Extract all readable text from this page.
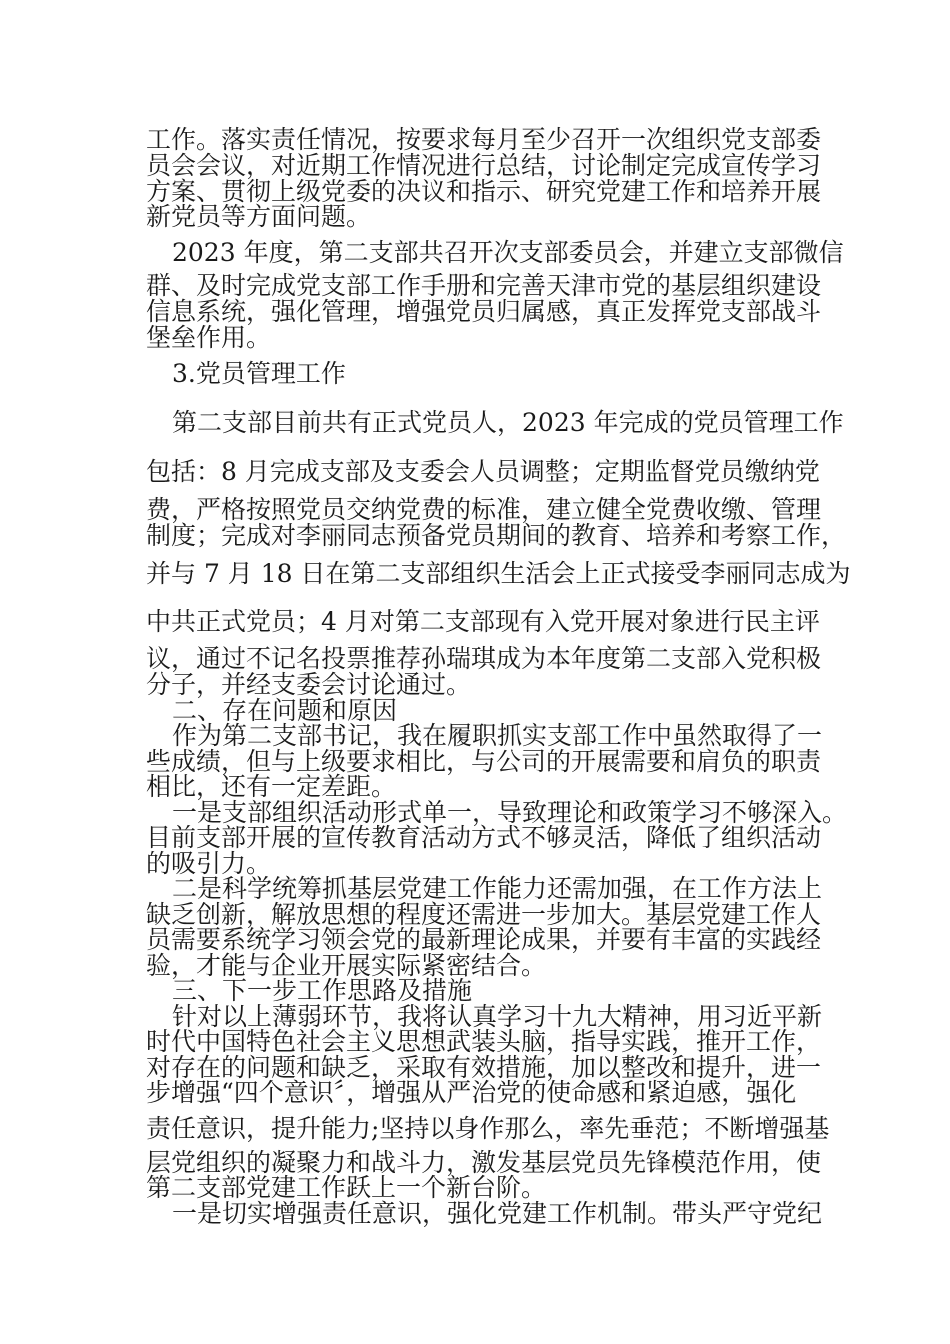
工作。落实责任情况，按要求每月至少召开一次组织党支部委
员会会议，对近期工作情况进行总结，讨论制定完成宣传学习
方案、贯彻上级党委的决议和指示、研究党建工作和培养开展
新党员等方面问题。
2023 年度，第二支部共召开次支部委员会，并建立支部微信
群、及时完成党支部工作手册和完善天津市党的基层组织建设
信息系统，强化管理，增强党员归属感，真正发挥党支部战斗
堡垒作用。
3.党员管理工作
第二支部目前共有正式党员人，2023 年完成的党员管理工作
包括：8 月完成支部及支委会人员调整；定期监督党员缴纳党
费，严格按照党员交纳党费的标准，建立健全党费收缴、管理
制度；完成对李丽同志预备党员期间的教育、培养和考察工作，
并与 7 月 18 日在第二支部组织生活会上正式接受李丽同志成为
中共正式党员；4 月对第二支部现有入党开展对象进行民主评
议，通过不记名投票推荐孙瑞琪成为本年度第二支部入党积极
分子，并经支委会讨论通过。
二、存在问题和原因
作为第二支部书记，我在履职抓实支部工作中虽然取得了一
些成绩，但与上级要求相比，与公司的开展需要和肩负的职责
相比，还有一定差距。
一是支部组织活动形式单一，导致理论和政策学习不够深入。
目前支部开展的宣传教育活动方式不够灵活，降低了组织活动
的吸引力。
二是科学统筹抓基层党建工作能力还需加强，在工作方法上
缺乏创新，解放思想的程度还需进一步加大。基层党建工作人
员需要系统学习领会党的最新理论成果，并要有丰富的实践经
验，才能与企业开展实际紧密结合。
三、下一步工作思路及措施
针对以上薄弱环节，我将认真学习十九大精神，用习近平新
时代中国特色社会主义思想武装头脑，指导实践，推开工作，
对存在的问题和缺乏，采取有效措施，加以整改和提升，进一
步增强“四个意识〞，增强从严治党的使命感和紧迫感，强化
责任意识，提升能力;坚持以身作那么，率先垂范；不断增强基
层党组织的凝聚力和战斗力，激发基层党员先锋模范作用，使
第二支部党建工作跃上一个新台阶。
一是切实增强责任意识，强化党建工作机制。带头严守党纪
